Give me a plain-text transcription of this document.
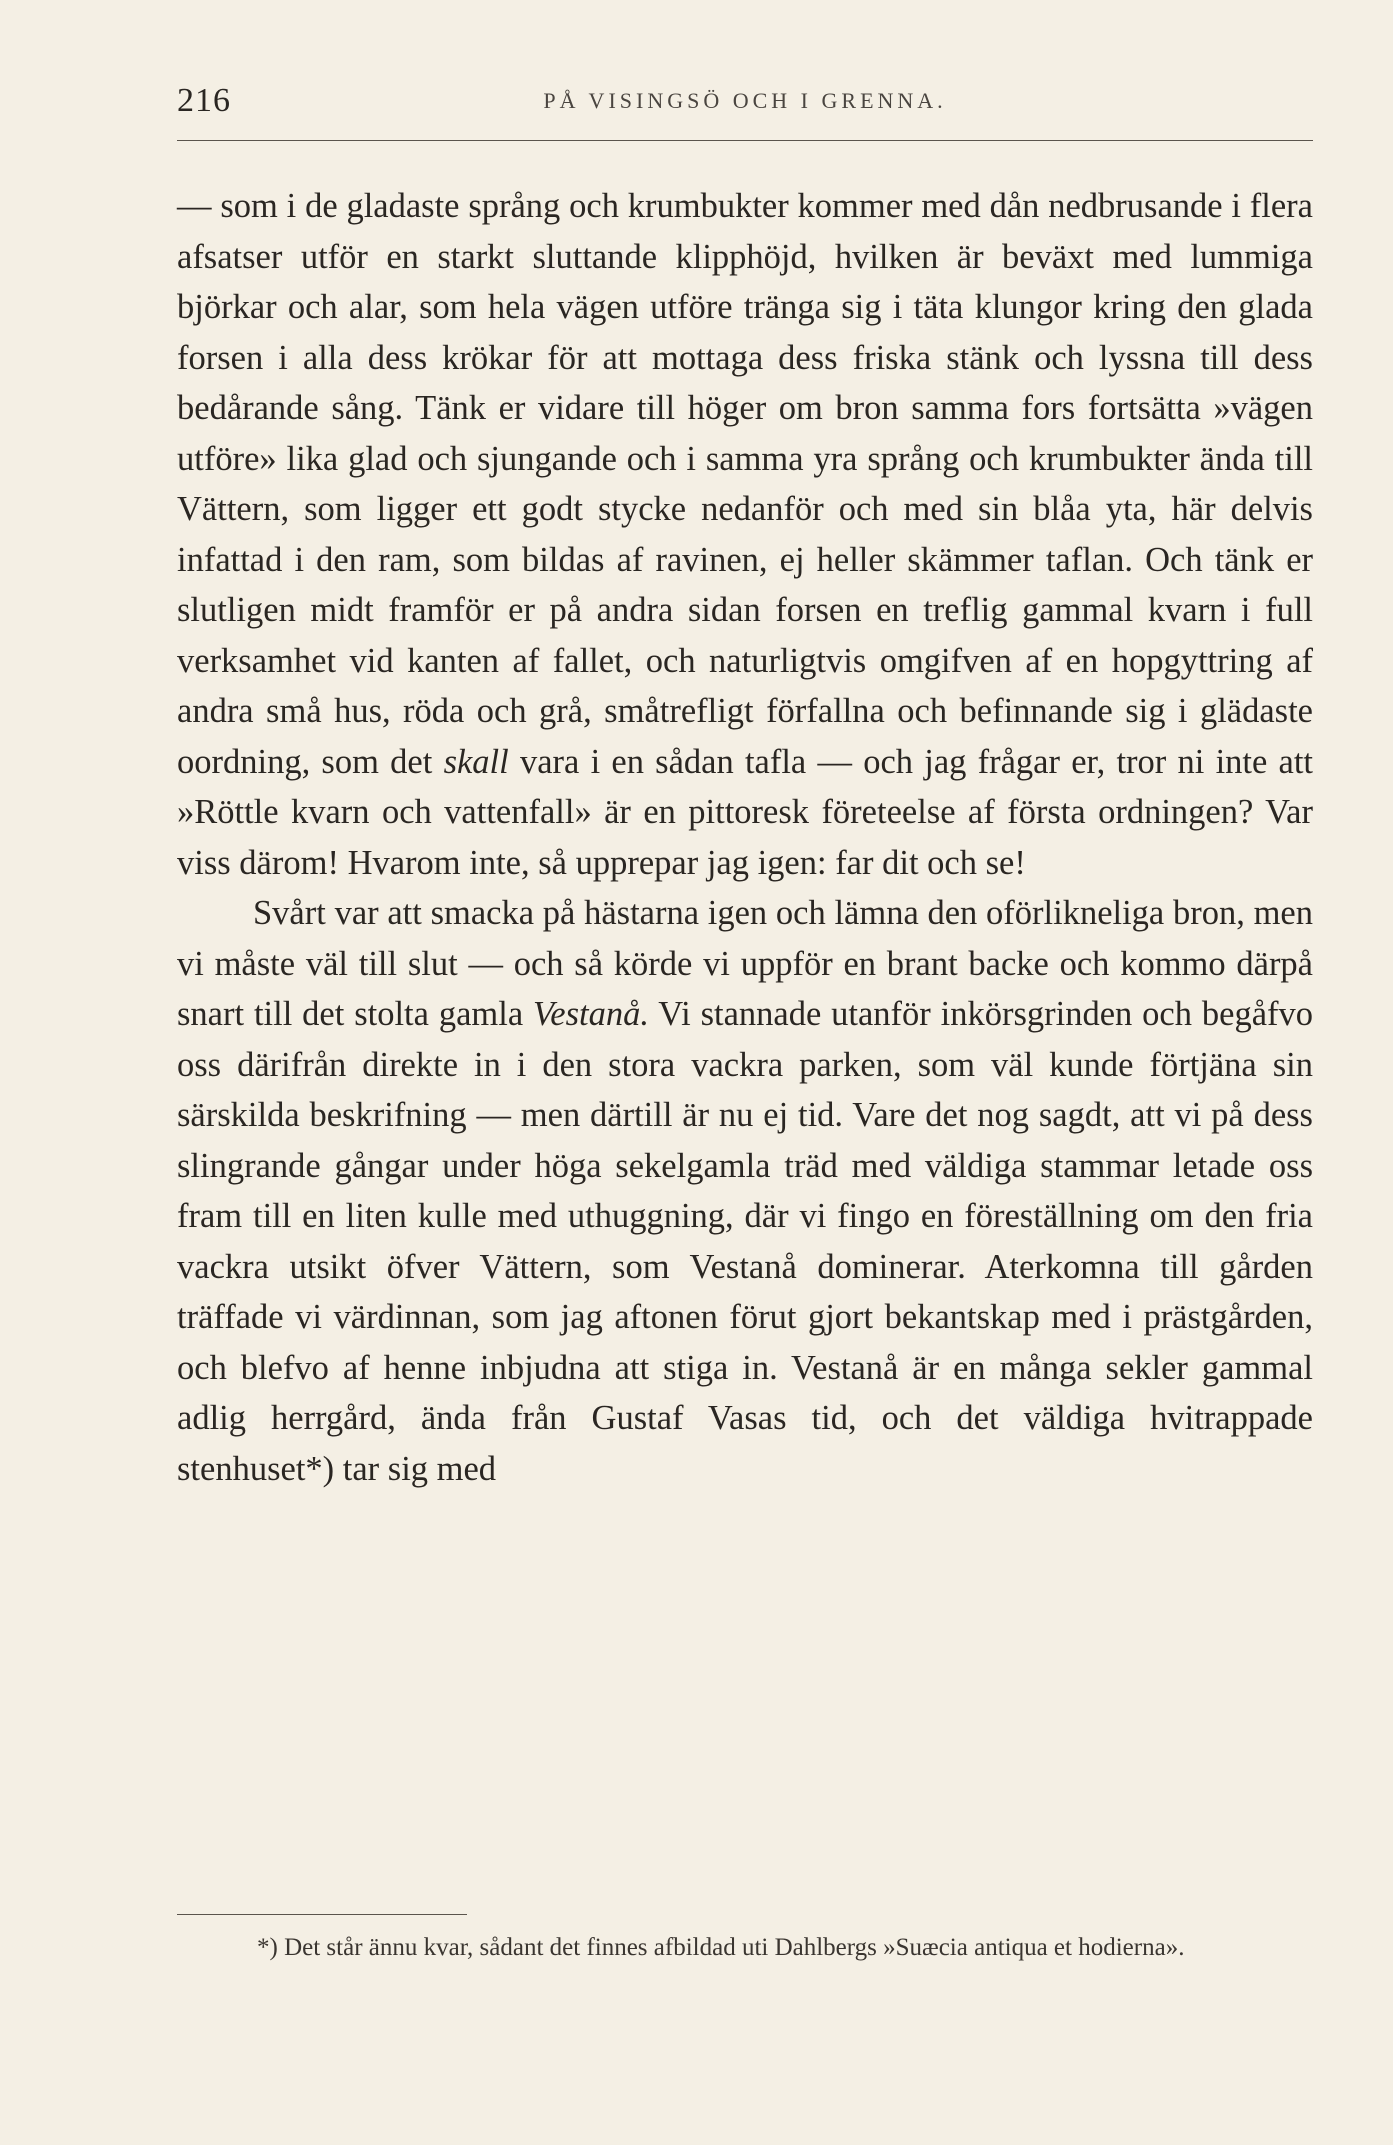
216	PÅ VISINGSÖ OCH I GRENNA.

— som i de gladaste språng och krumbukter kommer med dån nedbrusande i flera afsatser utför en starkt sluttande klipphöjd, hvilken är beväxt med lummiga björkar och alar, som hela vägen utföre tränga sig i täta klungor kring den glada forsen i alla dess krökar för att mottaga dess friska stänk och lyssna till dess bedårande sång. Tänk er vidare till höger om bron samma fors fortsätta »vägen utföre» lika glad och sjungande och i samma yra språng och krumbukter ända till Vättern, som ligger ett godt stycke nedanför och med sin blåa yta, här delvis infattad i den ram, som bildas af ravinen, ej heller skämmer taflan. Och tänk er slutligen midt framför er på andra sidan forsen en treflig gammal kvarn i full verksamhet vid kanten af fallet, och naturligtvis omgifven af en hopgyttring af andra små hus, röda och grå, småtrefligt förfallna och befinnande sig i glädaste oordning, som det skall vara i en sådan tafla — och jag frågar er, tror ni inte att »Röttle kvarn och vattenfall» är en pittoresk företeelse af första ordningen? Var viss därom! Hvarom inte, så upprepar jag igen: far dit och se!

Svårt var att smacka på hästarna igen och lämna den oförlikneliga bron, men vi måste väl till slut — och så körde vi uppför en brant backe och kommo därpå snart till det stolta gamla Vestanå. Vi stannade utanför inkörsgrinden och begåfvo oss därifrån direkte in i den stora vackra parken, som väl kunde förtjäna sin särskilda beskrifning — men därtill är nu ej tid. Vare det nog sagdt, att vi på dess slingrande gångar under höga sekelgamla träd med väldiga stammar letade oss fram till en liten kulle med uthuggning, där vi fingo en föreställning om den fria vackra utsikt öfver Vättern, som Vestanå dominerar. Aterkomna till gården träffade vi värdinnan, som jag aftonen förut gjort bekantskap med i prästgården, och blefvo af henne inbjudna att stiga in. Vestanå är en många sekler gammal adlig herrgård, ända från Gustaf Vasas tid, och det väldiga hvitrappade stenhuset*) tar sig med

*) Det står ännu kvar, sådant det finnes afbildad uti Dahlbergs »Suæcia antiqua et hodierna».
